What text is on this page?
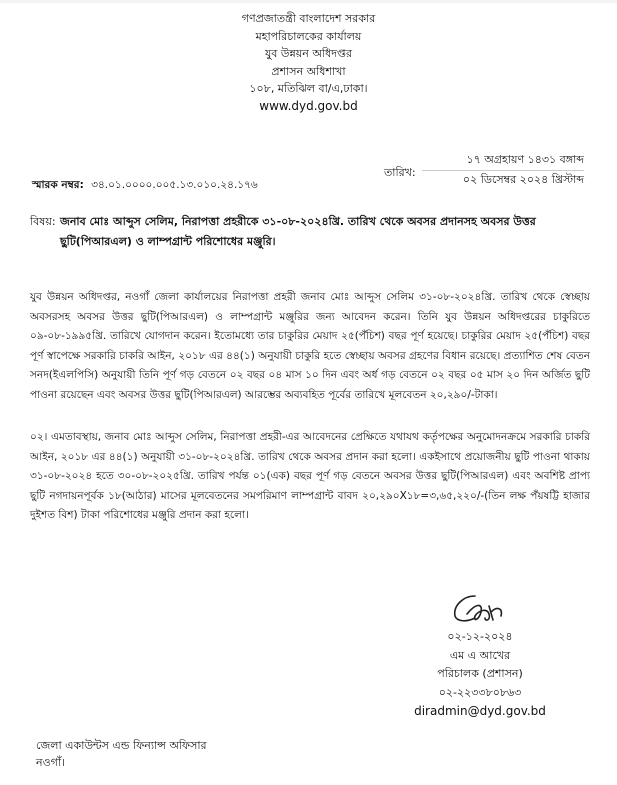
গণপ্রজাতন্ত্রী বাংলাদেশ সরকার
মহাপরিচালকের কার্যালয়
যুব উন্নয়ন অধিদপ্তর
প্রশাসন অধিশাখা
১০৮, মতিঝিল বা/এ,ঢাকা।
www.dyd.gov.bd
তারিখ:
১৭ অগ্রহায়ণ ১৪৩১ বঙ্গাব্দ
০২ ডিসেম্বর ২০২৪ খ্রিস্টাব্দ
স্মারক নম্বর: ৩৪.০১.০০০০.০০৫.১৩.০১০.২৪.১৭৬
বিষয়: জনাব মোঃ আব্দুস সেলিম, নিরাপত্তা প্রহরীকে ৩১-০৮-২০২৪খ্রি. তারিখ থেকে অবসর প্রদানসহ অবসর উত্তর ছুটি(পিআরএল) ও লাম্পগ্রান্ট পরিশোধের মঞ্জুরি।
যুব উন্নয়ন অধিদপ্তর, নওগাঁ জেলা কার্যালয়ের নিরাপত্তা প্রহরী জনাব মোঃ আব্দুস সেলিম ৩১-০৮-২০২৪খ্রি. তারিখ থেকে স্বেচ্ছায় অবসরসহ অবসর উত্তর ছুটি(পিআরএল) ও লাম্পগ্রান্ট মঞ্জুরির জন্য আবেদন করেন। তিনি যুব উন্নয়ন অধিদপ্তরের চাকুরিতে ০৯-০৮-১৯৯৫খ্রি. তারিখে যোগদান করেন। ইতোমধ্যে তার চাকুরির মেয়াদ ২৫(পঁচিশ) বছর পূর্ণ হয়েছে। চাকুরির মেয়াদ ২৫(পঁচিশ) বছর পূর্ণ স্বাপেক্ষে সরকারি চাকরি আইন, ২০১৮ এর ৪৪(১) অনুযায়ী চাকুরি হতে স্বেচ্ছায় অবসর গ্রহণের বিধান রয়েছে। প্রত্যাশিত শেষ বেতন সনদ(ইএলপিসি) অনুযায়ী তিনি পূর্ণ গড় বেতনে ০২ বছর ০৪ মাস ১০ দিন এবং অর্ধ গড় বেতনে ০২ বছর ০৫ মাস ২০ দিন অর্জিত ছুটি পাওনা রয়েছেন এবং অবসর উত্তর ছুটি(পিআরএল) আরম্ভের অব্যবহিত পূর্বের তারিখে মূলবেতন ২০,২৯০/-টাকা।
০২। এমতাবস্থায়, জনাব মোঃ আব্দুস সেলিম, নিরাপত্তা প্রহরী-এর আবেদনের প্রেক্ষিতে যথাযথ কর্তৃপক্ষের অনুমোদনক্রমে সরকারি চাকরি আইন, ২০১৮ এর ৪৪(১) অনুযায়ী ৩১-০৮-২০২৪খ্রি. তারিখ থেকে অবসর প্রদান করা হলো। একইসাথে প্রয়োজনীয় ছুটি পাওনা থাকায় ৩১-০৮-২০২৪ হতে ৩০-০৮-২০২৫খ্রি. তারিখ পর্যন্ত ০১(এক) বছর পূর্ণ গড় বেতনে অবসর উত্তর ছুটি(পিআরএল) এবং অবশিষ্ট প্রাপ্য ছুটি নগদায়নপূর্বক ১৮(আঠার) মাসের মূলবেতনের সমপরিমাণ লাম্পগ্রান্ট বাবদ ২০,২৯০X১৮=৩,৬৫,২২০/-(তিন লক্ষ পঁয়ষট্টি হাজার দুইশত বিশ) টাকা পরিশোধের মঞ্জুরি প্রদান করা হলো।
০২-১২-২০২৪
এম এ আখের
পরিচালক (প্রশাসন)
০২-২২৩৩৮০৮৬৩
diradmin@dyd.gov.bd
জেলা একাউন্টস এন্ড ফিন্যান্স অফিসার
নওগাঁ।
